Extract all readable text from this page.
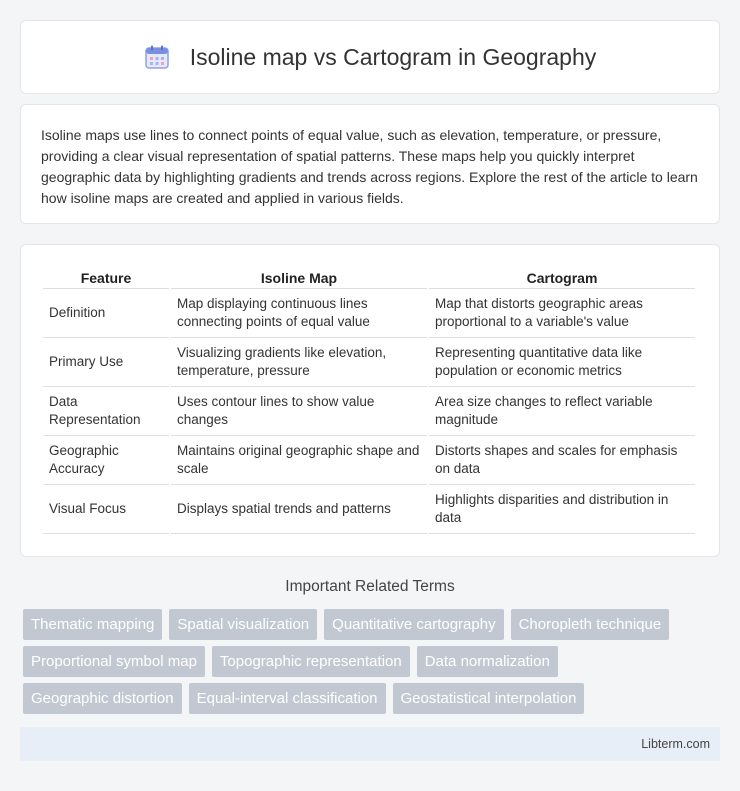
Isoline map vs Cartogram in Geography

Isoline maps use lines to connect points of equal value, such as elevation, temperature, or pressure, providing a clear visual representation of spatial patterns. These maps help you quickly interpret geographic data by highlighting gradients and trends across regions. Explore the rest of the article to learn how isoline maps are created and applied in various fields.

Feature	Isoline Map	Cartogram
Definition	Map displaying continuous lines connecting points of equal value	Map that distorts geographic areas proportional to a variable's value
Primary Use	Visualizing gradients like elevation, temperature, pressure	Representing quantitative data like population or economic metrics
Data Representation	Uses contour lines to show value changes	Area size changes to reflect variable magnitude
Geographic Accuracy	Maintains original geographic shape and scale	Distorts shapes and scales for emphasis on data
Visual Focus	Displays spatial trends and patterns	Highlights disparities and distribution in data
Important Related Terms
Thematic mapping	Spatial visualization	Quantitative cartography	Choropleth technique
Proportional symbol map	Topographic representation	Data normalization
Geographic distortion	Equal-interval classification	Geostatistical interpolation
Libterm.com
